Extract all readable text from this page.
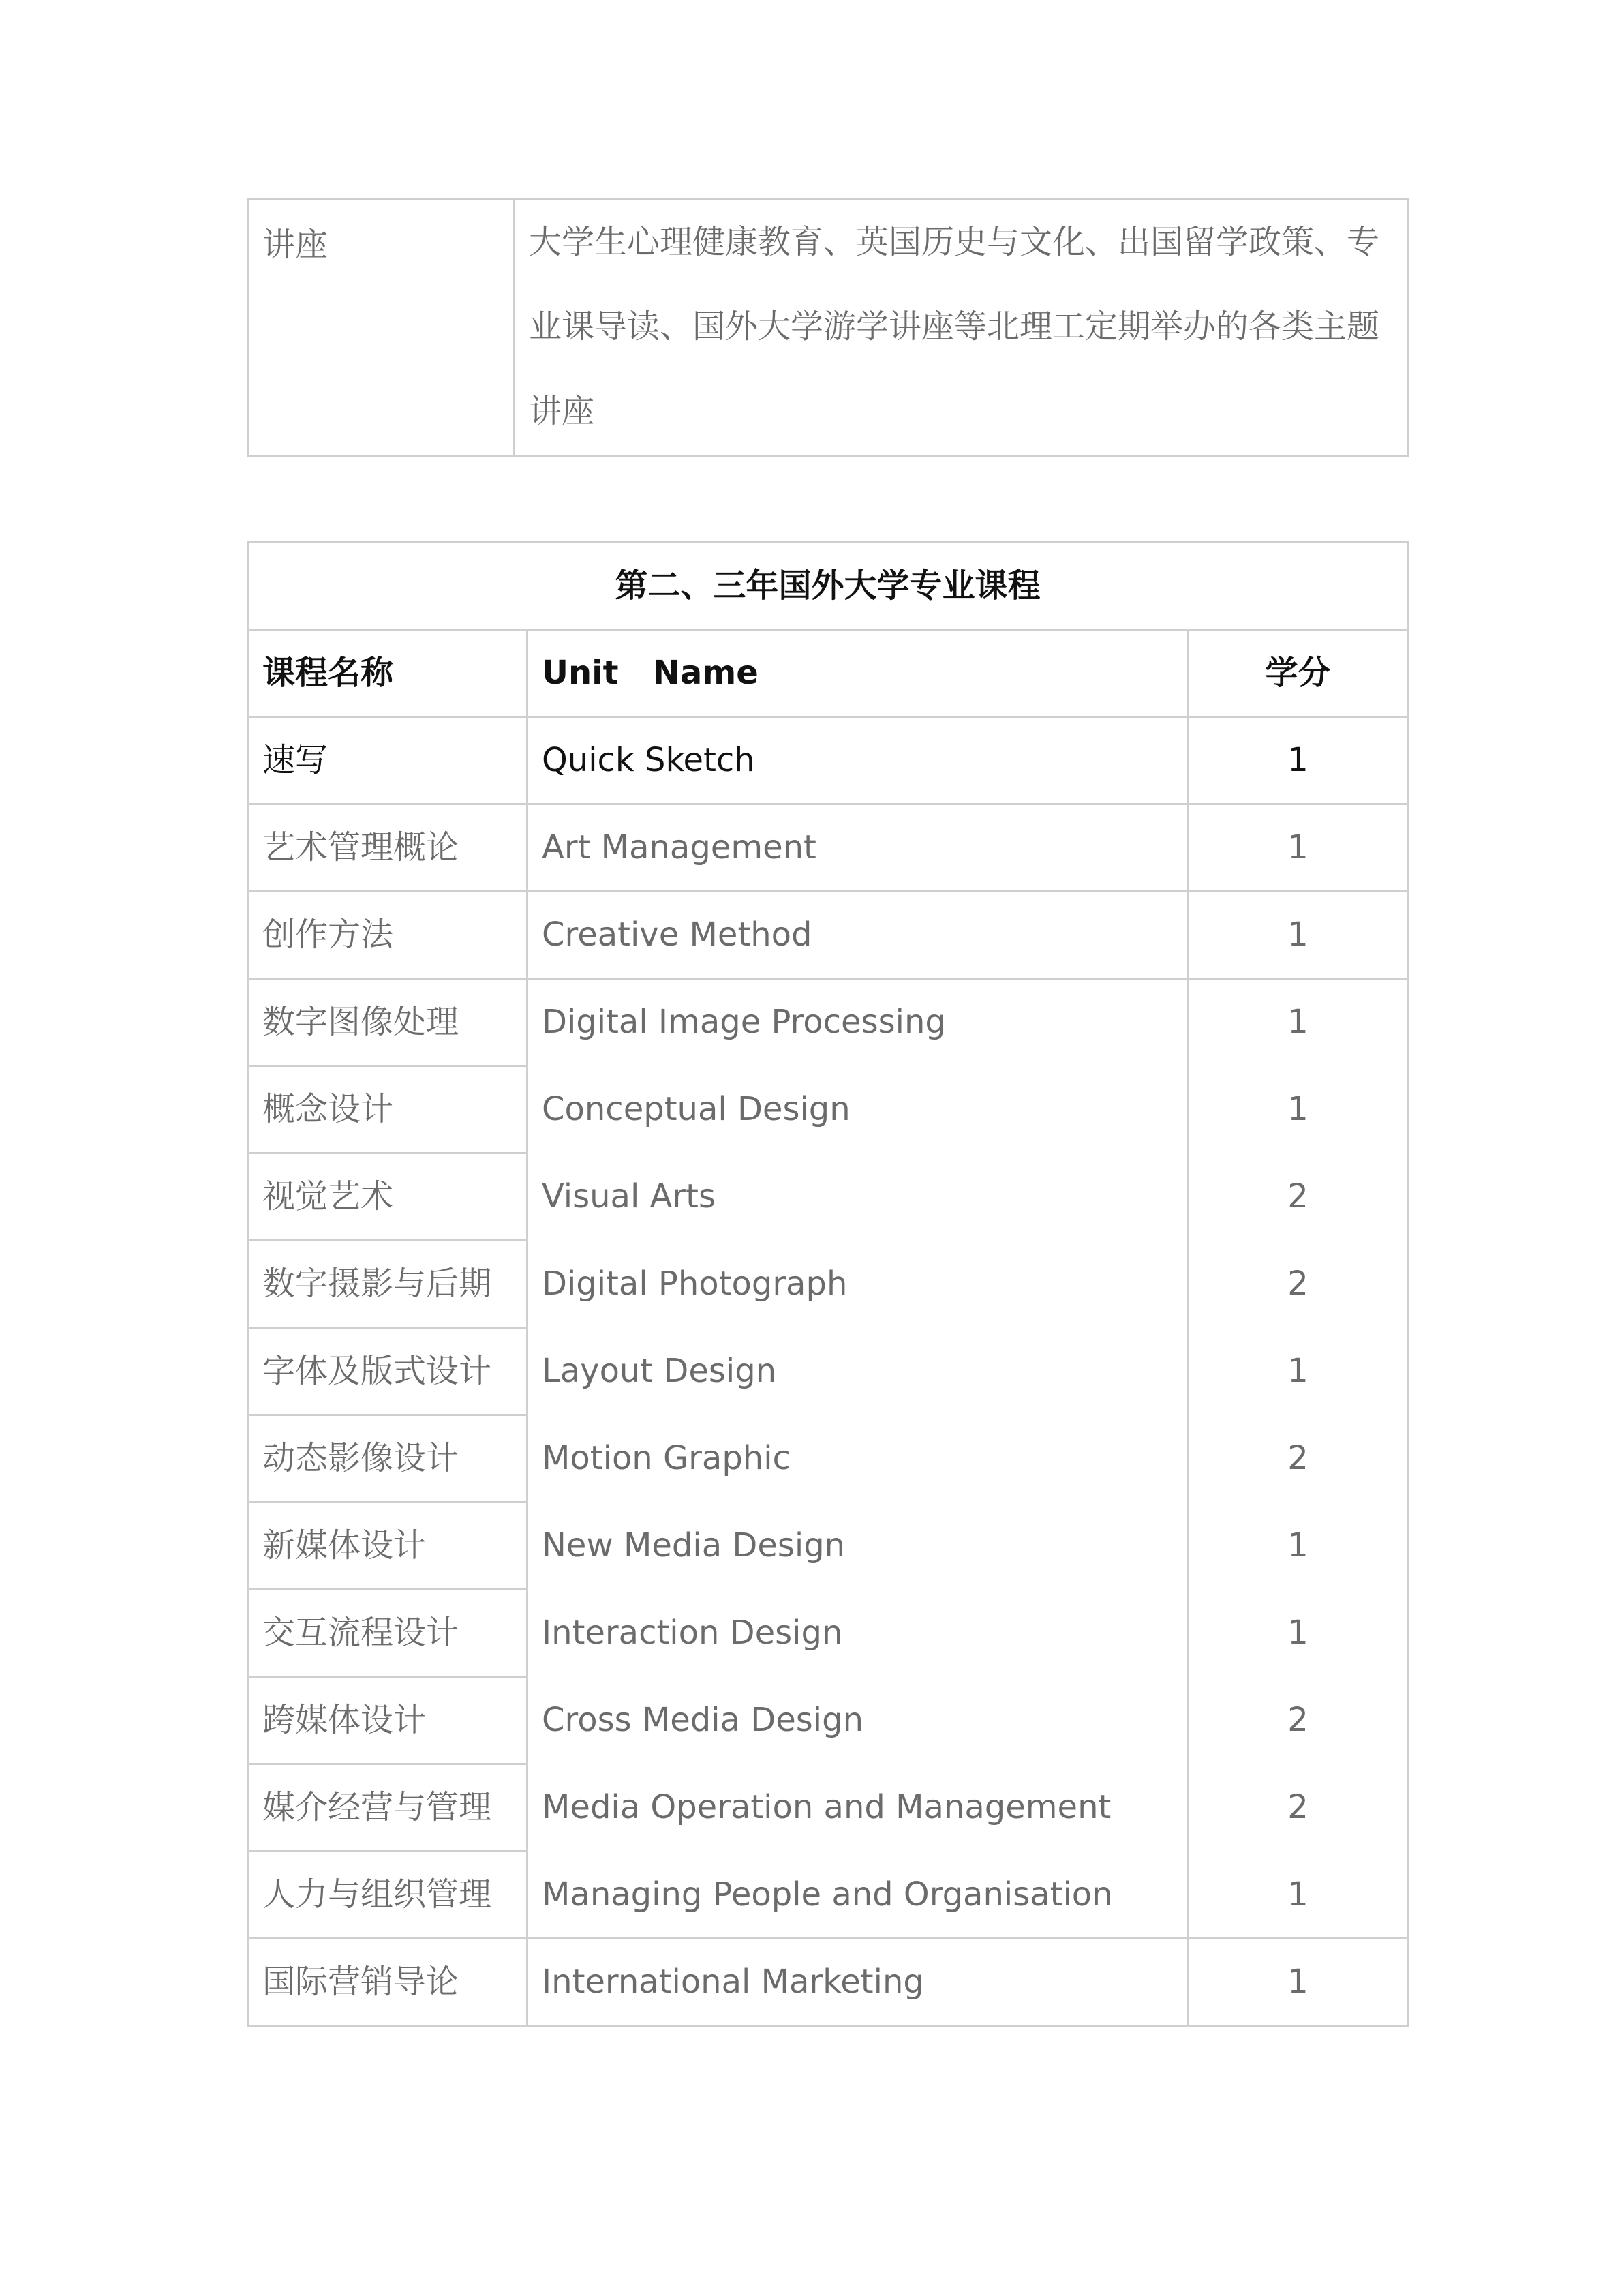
讲座	大学生心理健康教育、英国历史与文化、出国留学政策、专业课导读、国外大学游学讲座等北理工定期举办的各类主题讲座
第二、三年国外大学专业课程		
课程名称	Unit   Name	学分
速写	Quick Sketch	1
艺术管理概论	Art Management	1
创作方法	Creative Method	1
数字图像处理	Digital Image Processing	1
概念设计	Conceptual Design	1
视觉艺术	Visual Arts	2
数字摄影与后期	Digital Photograph	2
字体及版式设计	Layout Design	1
动态影像设计	Motion Graphic	2
新媒体设计	New Media Design	1
交互流程设计	Interaction Design	1
跨媒体设计	Cross Media Design	2
媒介经营与管理	Media Operation and Management	2
人力与组织管理	Managing People and Organisation	1
国际营销导论	International Marketing	1
